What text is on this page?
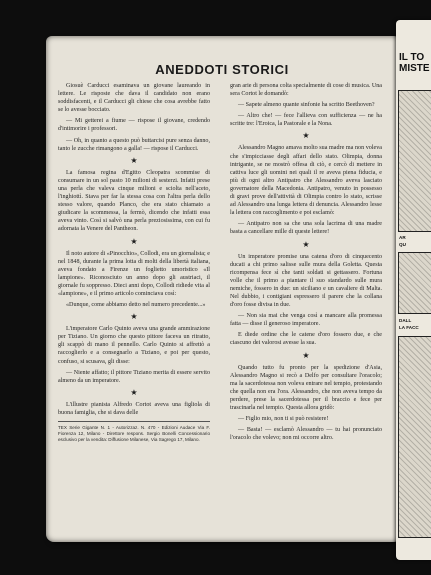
ANEDDOTI STORICI

Giosuè Carducci esaminava un giovane laureando in lettere. Le risposte che dava il candidato non erano soddisfacenti, e il Carducci gli chiese che cosa avrebbe fatto se lo avesse bocciato.

— Mi getterei a fiume — rispose il giovane, credendo d'intimorire i professori.

— Oh, in quanto a questo può buttarcisi pure senza danno, tanto le zucche rimangono a galla! — rispose il Carducci.

★

La famosa regina d'Egitto Cleopatra scommise di consumare in un sol pasto 10 milioni di sesterzi. Infatti prese una perla che valeva cinque milioni e sciolta nell'aceto, l'inghiottì. Stava per far la stessa cosa con l'altra perla dello stesso valore, quando Planco, che era stato chiamato a giudicare la scommessa, la fermò, dicendo che infatti essa aveva vinto. Così si salvò una perla preziosissima, con cui fu adornata la Venere del Pantheon.

★

Il noto autore di «Pinocchio», Collodi, era un giornalista; e nel 1848, durante la prima lotta di molti della libertà italiana, aveva fondato a Firenze un foglietto umoristico «Il lampione». Riconosciuto un anno dopo gli austriaci, il giornale fu soppresso. Dieci anni dopo, Collodi ridiede vita al «lampione», e il primo articolo cominciava così:

«Dunque, come abbiamo detto nel numero precedente...»

★

L'imperatore Carlo Quinto aveva una grande ammirazione per Tiziano. Un giorno che questo pittore faceva un ritratto, gli scappò di mano il pennello. Carlo Quinto si affrettò a raccoglierlo e a consegnarlo a Tiziano, e poi per questo, confuso, si scusava, gli disse:

— Niente affatto; il pittore Tiziano merita di essere servito almeno da un imperatore.

★

L'illustre pianista Alfredo Cortot aveva una figliola di buona famiglia, che si dava delle

TEX Serie Gigante N. 1 - Autorizzaz. N. 470 - Edizioni Audace Via F. Fiorenza 12, Milano - Direttore respons. Sergio Bonelli Concessionario esclusivo per la vendita: Diffusione Milanese, Via Sagrego 17, Milano.

gran arie di persona colta specialmente di cose di musica. Una sera Cortot le domandò:

— Sapete almeno quante sinfonie ha scritto Beethoven?

— Altro che! — fece l'allieva con sufficienza — ne ha scritte tre: l'Eroica, la Pastorale e la Nona.

★

Alessandro Magno amava molto sua madre ma non voleva che s'impicciasse degli affari dello stato. Olimpia, donna intrigante, se ne mostrò offesa di ciò, e cercò di mettere in cattiva luce gli uomini nei quali il re aveva piena fiducia, e più di ogni altro Antipatro che Alessandro aveva lasciato governatore della Macedonia. Antipatro, venuto in possesso di gravi prove dell'attività di Olimpia contro lo stato, scrisse ad Alessandro una lunga lettera di denuncia. Alessandro lesse la lettera con raccoglimento e poi esclamò:

— Antipatro non sa che una sola lacrima di una madre basta a cancellare mille di queste lettere!

★

Un imperatore promise una catena d'oro di cinquecento ducati a chi primo salisse sulle mura della Goletta. Questa ricompensa fece sì che tanti soldati si gettassero. Fortuna volle che il primo a piantare il suo standardo sulle mura nemiche, fossero in due: un siciliano e un cavaliere di Malta. Nel dubbio, i contigiani espressero il parere che la collana d'oro fosse divisa in due.

— Non sia mai che venga così a mancare alla promessa fatta — disse il generoso imperatore.

E diede ordine che le catene d'oro fossero due, e che ciascuno dei valorosi avesse la sua.

★

Quando tutto fu pronto per la spedizione d'Asia, Alessandro Magno si recò a Delfo per consultare l'oracolo; ma la sacerdotessa non voleva entrare nel tempio, protestando che quella non era l'ora. Alessandro, che non aveva tempo da perdere, prese la sacerdotessa per il braccio e fece per trascinarla nel tempio. Questa allora gridò:

— Figlio mio, non ti si può resistere!

— Basta! — esclamò Alessandro — tu hai pronunciato l'oracolo che volevo; non mi occorre altro.

IL TO
MISTE
AR
QU
DALL
LA FACC
